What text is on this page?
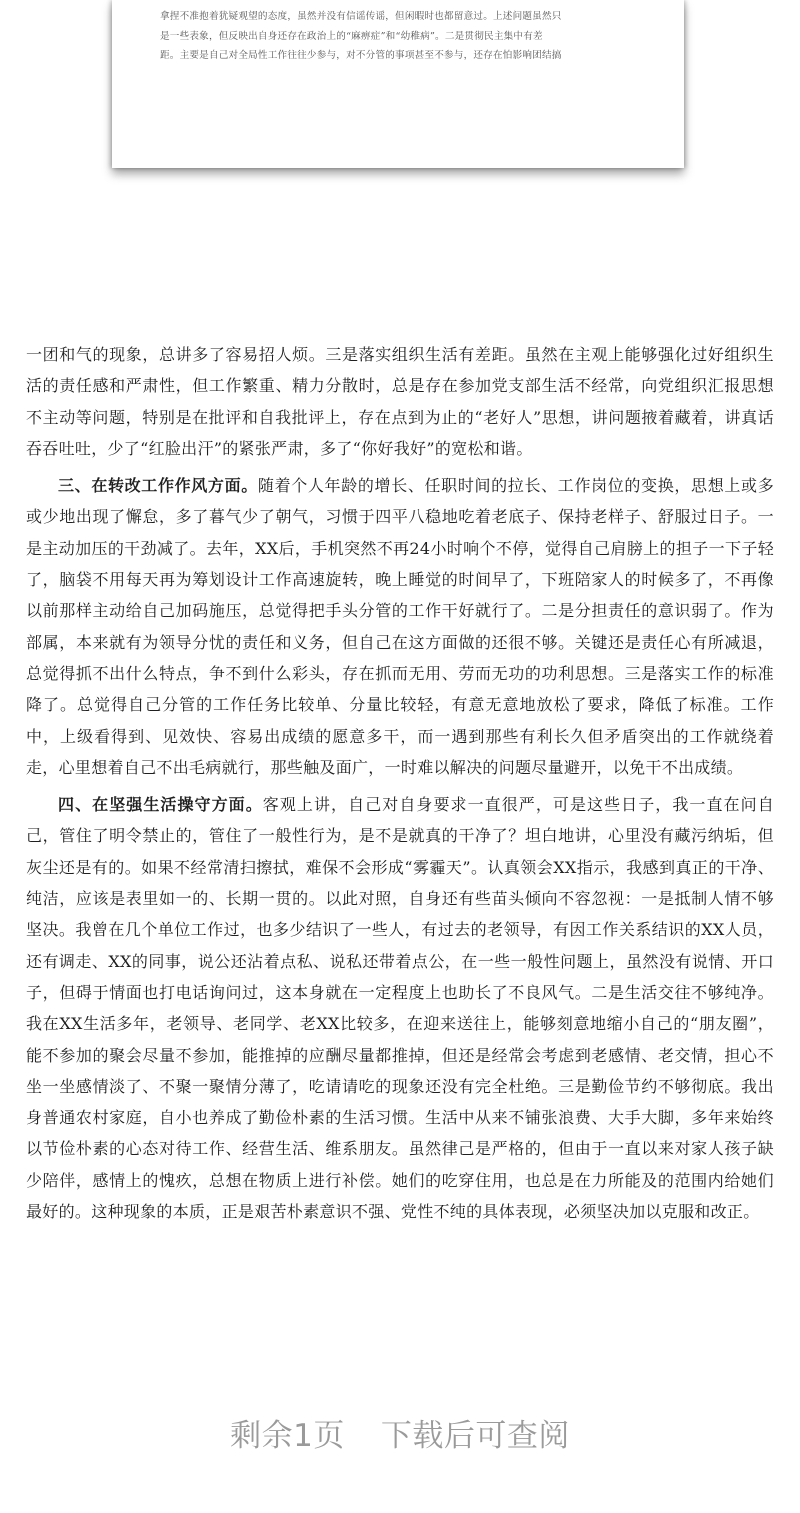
拿捏不准抱着犹疑观望的态度，虽然并没有信谣传谣，但闲暇时也都留意过。上述问题虽然只

是一些表象，但反映出自身还存在政治上的“麻痹症”和“幼稚病”。二是贯彻民主集中有差

距。主要是自己对全局性工作往往少参与，对不分管的事项甚至不参与，还存在怕影响团结搞

一团和气的现象，总讲多了容易招人烦。三是落实组织生活有差距。虽然在主观上能够强化过好组织生活的责任感和严肃性，但工作繁重、精力分散时，总是存在参加党支部生活不经常，向党组织汇报思想不主动等问题，特别是在批评和自我批评上，存在点到为止的“老好人”思想，讲问题掖着藏着，讲真话吞吞吐吐，少了“红脸出汗”的紧张严肃，多了“你好我好”的宽松和谐。

三、在转改工作作风方面。随着个人年龄的增长、任职时间的拉长、工作岗位的变换，思想上或多或少地出现了懈怠，多了暮气少了朝气，习惯于四平八稳地吃着老底子、保持老样子、舒服过日子。一是主动加压的干劲减了。去年，XX后，手机突然不再24小时响个不停，觉得自己肩膀上的担子一下子轻了，脑袋不用每天再为筹划设计工作高速旋转，晚上睡觉的时间早了，下班陪家人的时候多了，不再像以前那样主动给自己加码施压，总觉得把手头分管的工作干好就行了。二是分担责任的意识弱了。作为部属，本来就有为领导分忧的责任和义务，但自己在这方面做的还很不够。关键还是责任心有所减退，总觉得抓不出什么特点，争不到什么彩头，存在抓而无用、劳而无功的功利思想。三是落实工作的标准降了。总觉得自己分管的工作任务比较单、分量比较轻，有意无意地放松了要求，降低了标准。工作中，上级看得到、见效快、容易出成绩的愿意多干，而一遇到那些有利长久但矛盾突出的工作就绕着走，心里想着自己不出毛病就行，那些触及面广，一时难以解决的问题尽量避开，以免干不出成绩。

四、在坚强生活操守方面。客观上讲，自己对自身要求一直很严，可是这些日子，我一直在问自己，管住了明令禁止的，管住了一般性行为，是不是就真的干净了？坦白地讲，心里没有藏污纳垢，但灰尘还是有的。如果不经常清扫擦拭，难保不会形成“雾霾天”。认真领会XX指示，我感到真正的干净、纯洁，应该是表里如一的、长期一贯的。以此对照，自身还有些苗头倾向不容忽视：一是抵制人情不够坚决。我曾在几个单位工作过，也多少结识了一些人，有过去的老领导，有因工作关系结识的XX人员，还有调走、XX的同事，说公还沾着点私、说私还带着点公，在一些一般性问题上，虽然没有说情、开口子，但碍于情面也打电话询问过，这本身就在一定程度上也助长了不良风气。二是生活交往不够纯净。我在XX生活多年，老领导、老同学、老XX比较多，在迎来送往上，能够刻意地缩小自己的“朋友圈”，能不参加的聚会尽量不参加，能推掉的应酬尽量都推掉，但还是经常会考虑到老感情、老交情，担心不坐一坐感情淡了、不聚一聚情分薄了，吃请请吃的现象还没有完全杜绝。三是勤俭节约不够彻底。我出身普通农村家庭，自小也养成了勤俭朴素的生活习惯。生活中从来不铺张浪费、大手大脚，多年来始终以节俭朴素的心态对待工作、经营生活、维系朋友。虽然律己是严格的，但由于一直以来对家人孩子缺少陪伴，感情上的愧疚，总想在物质上进行补偿。她们的吃穿住用，也总是在力所能及的范围内给她们最好的。这种现象的本质，正是艰苦朴素意识不强、党性不纯的具体表现，必须坚决加以克服和改正。

剩余1页 下载后可查阅
